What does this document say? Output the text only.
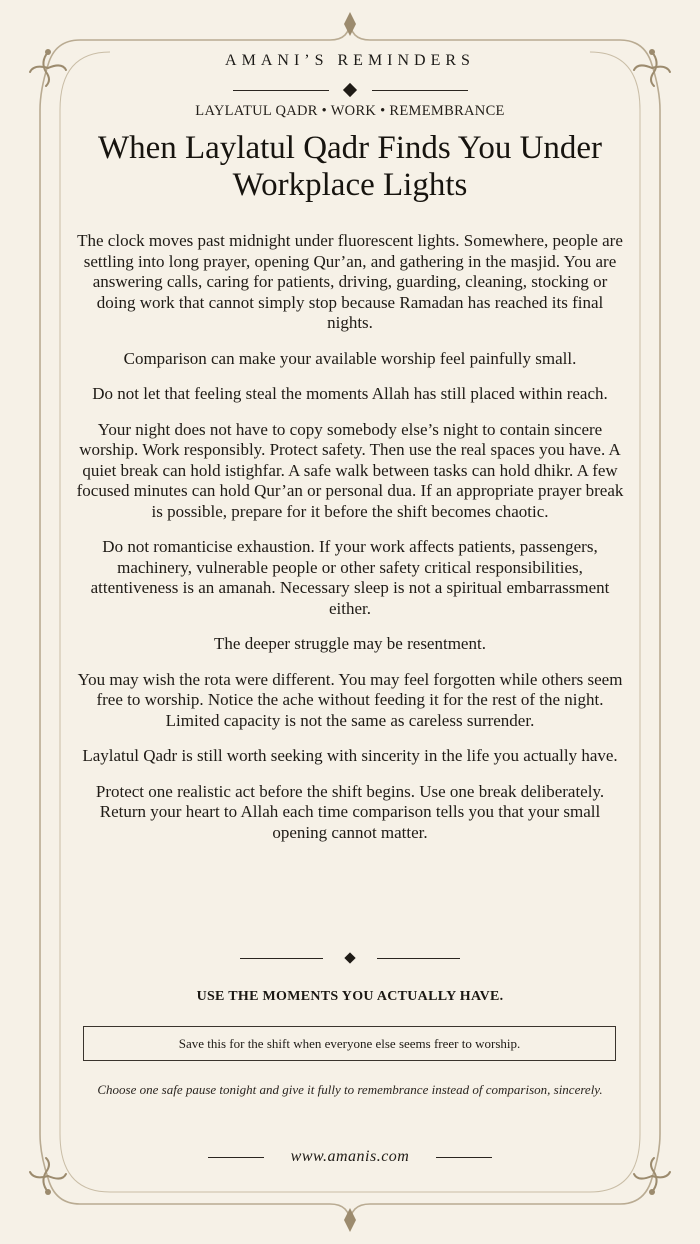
AMANI’S REMINDERS
LAYLATUL QADR • WORK • REMEMBRANCE
When Laylatul Qadr Finds You Under Workplace Lights

The clock moves past midnight under fluorescent lights. Somewhere, people are settling into long prayer, opening Qur’an, and gathering in the masjid. You are answering calls, caring for patients, driving, guarding, cleaning, stocking or doing work that cannot simply stop because Ramadan has reached its final nights.

Comparison can make your available worship feel painfully small.

Do not let that feeling steal the moments Allah has still placed within reach.

Your night does not have to copy somebody else’s night to contain sincere worship. Work responsibly. Protect safety. Then use the real spaces you have. A quiet break can hold istighfar. A safe walk between tasks can hold dhikr. A few focused minutes can hold Qur’an or personal dua. If an appropriate prayer break is possible, prepare for it before the shift becomes chaotic.

Do not romanticise exhaustion. If your work affects patients, passengers, machinery, vulnerable people or other safety critical responsibilities, attentiveness is an amanah. Necessary sleep is not a spiritual embarrassment either.

The deeper struggle may be resentment.

You may wish the rota were different. You may feel forgotten while others seem free to worship. Notice the ache without feeding it for the rest of the night. Limited capacity is not the same as careless surrender.

Laylatul Qadr is still worth seeking with sincerity in the life you actually have.

Protect one realistic act before the shift begins. Use one break deliberately. Return your heart to Allah each time comparison tells you that your small opening cannot matter.

USE THE MOMENTS YOU ACTUALLY HAVE.
Save this for the shift when everyone else seems freer to worship.
Choose one safe pause tonight and give it fully to remembrance instead of comparison, sincerely.
www.amanis.com
